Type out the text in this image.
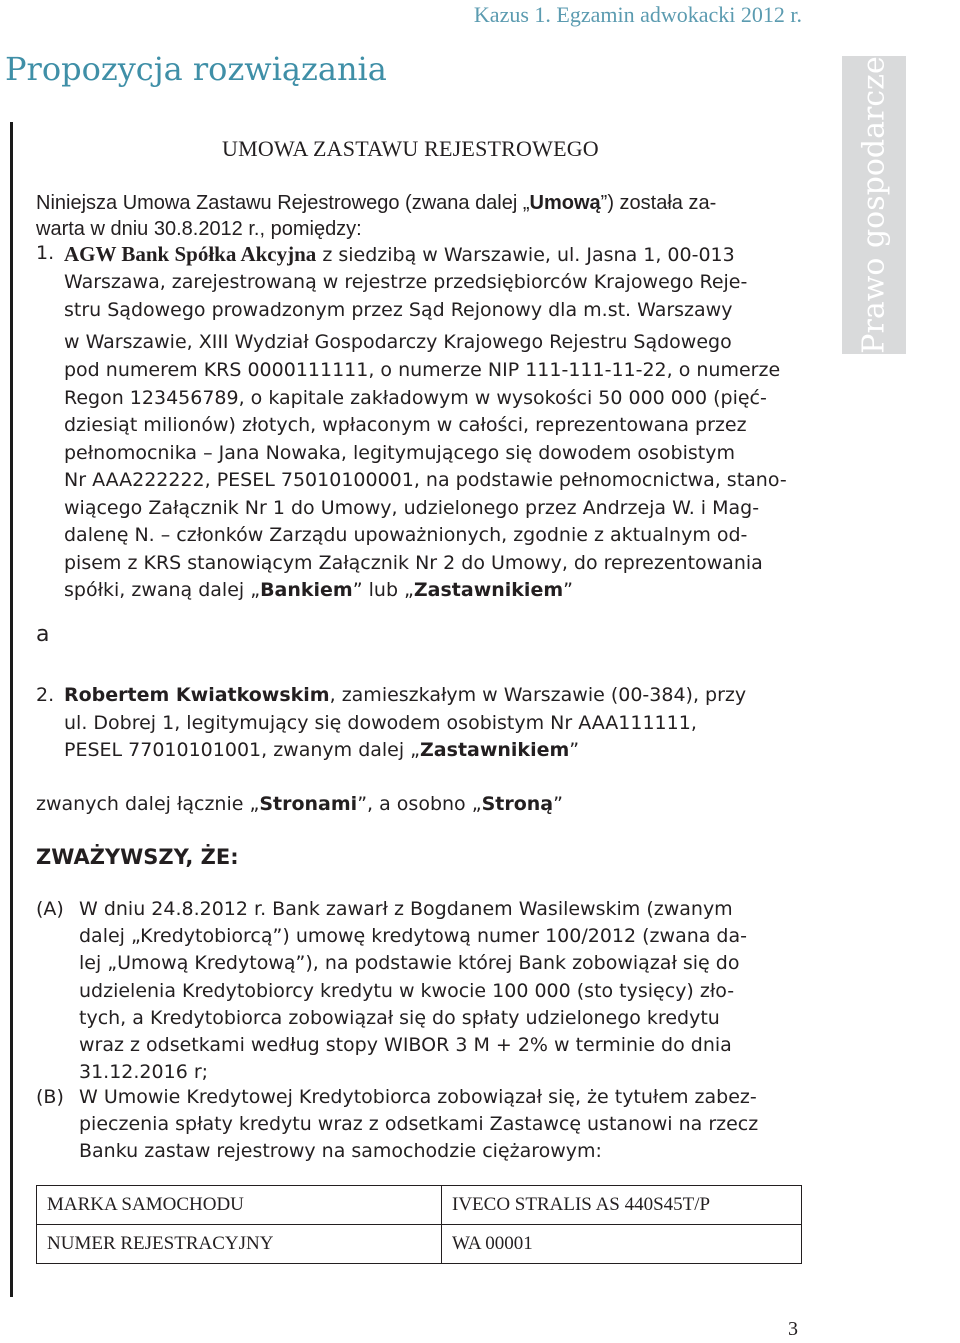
Kazus 1. Egzamin adwokacki 2012 r.
Propozycja rozwiązania	Prawo gospodarcze
UMOWA ZASTAWU REJESTROWEGO
Niniejsza Umowa Zastawu Rejestrowego (zwana dalej „Umową”) została za-
warta w dniu 30.8.2012 r., pomiędzy:
1. AGW Bank Spółka Akcyjna z siedzibą w Warszawie, ul. Jasna 1, 00-013
Warszawa, zarejestrowaną w rejestrze przedsiębiorców Krajowego Reje-
stru Sądowego prowadzonym przez Sąd Rejonowy dla m.st. Warszawy
w Warszawie, XIII Wydział Gospodarczy Krajowego Rejestru Sądowego
pod numerem KRS 0000111111, o numerze NIP 111-111-11-22, o numerze
Regon 123456789, o kapitale zakładowym w wysokości 50 000 000 (pięć-
dziesiąt milionów) złotych, wpłaconym w całości, reprezentowana przez
pełnomocnika – Jana Nowaka, legitymującego się dowodem osobistym
Nr AAA222222, PESEL 75010100001, na podstawie pełnomocnictwa, stano-
wiącego Załącznik Nr 1 do Umowy, udzielonego przez Andrzeja W. i Mag-
dalenę N. – członków Zarządu upoważnionych, zgodnie z aktualnym od-
pisem z KRS stanowiącym Załącznik Nr 2 do Umowy, do reprezentowania
spółki, zwaną dalej „Bankiem” lub „Zastawnikiem”
a
2. Robertem Kwiatkowskim, zamieszkałym w Warszawie (00-384), przy
ul. Dobrej 1, legitymujący się dowodem osobistym Nr AAA111111,
PESEL 77010101001, zwanym dalej „Zastawnikiem”
zwanych dalej łącznie „Stronami”, a osobno „Stroną”
ZWAŻYWSZY, ŻE:
(A) W dniu 24.8.2012 r. Bank zawarł z Bogdanem Wasilewskim (zwanym
dalej „Kredytobiorcą”) umowę kredytową numer 100/2012 (zwana da-
lej „Umową Kredytową”), na podstawie której Bank zobowiązał się do
udzielenia Kredytobiorcy kredytu w kwocie 100 000 (sto tysięcy) zło-
tych, a Kredytobiorca zobowiązał się do spłaty udzielonego kredytu
wraz z odsetkami według stopy WIBOR 3 M + 2% w terminie do dnia
31.12.2016 r;
(B) W Umowie Kredytowej Kredytobiorca zobowiązał się, że tytułem zabez-
pieczenia spłaty kredytu wraz z odsetkami Zastawcę ustanowi na rzecz
Banku zastaw rejestrowy na samochodzie ciężarowym:
MARKA SAMOCHODU	IVECO STRALIS AS 440S45T/P
NUMER REJESTRACYJNY	WA 00001
3
